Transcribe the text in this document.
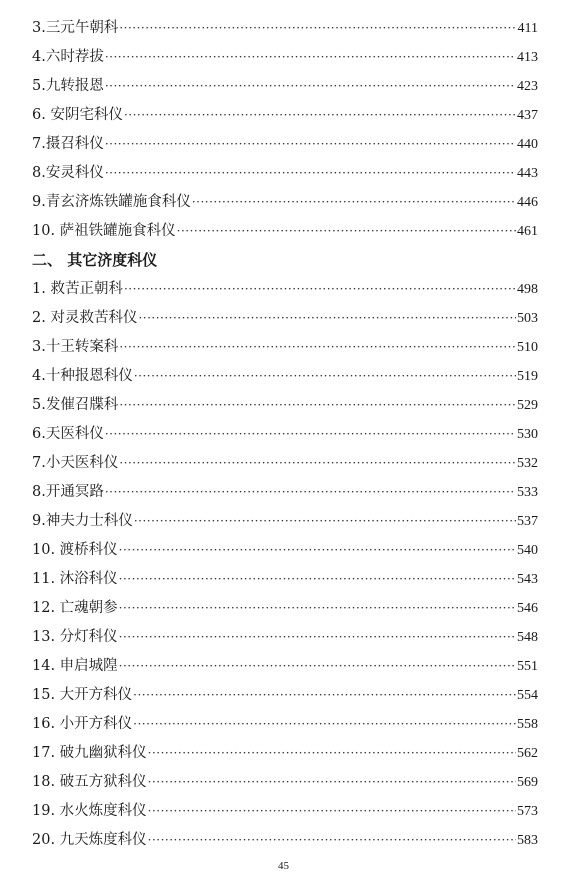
3.三元午朝科 ·····	411
4.六时荐拔 ·····	413
5.九转报恩 ·····	423
6. 安阴宅科仪 ·····	437
7.摄召科仪 ·····	440
8.安灵科仪 ·····	443
9.青玄济炼铁罐施食科仪 ·····	446
10. 萨祖铁罐施食科仪 ·····	461
二、 其它济度科仪
1. 救苦正朝科 ·····	498
2. 对灵救苦科仪 ·····	503
3.十王转案科 ·····	510
4.十种报恩科仪 ·····	519
5.发催召牒科 ·····	529
6.天医科仪 ·····	530
7.小天医科仪 ·····	532
8.开通冥路 ·····	533
9.神夫力士科仪 ·····	537
10. 渡桥科仪 ·····	540
11. 沐浴科仪 ·····	543
12. 亡魂朝参 ·····	546
13. 分灯科仪 ·····	548
14. 申启城隍 ·····	551
15. 大开方科仪 ·····	554
16. 小开方科仪 ·····	558
17. 破九幽狱科仪 ·····	562
18. 破五方狱科仪 ·····	569
19. 水火炼度科仪 ·····	573
20. 九天炼度科仪 ·····	583
45
